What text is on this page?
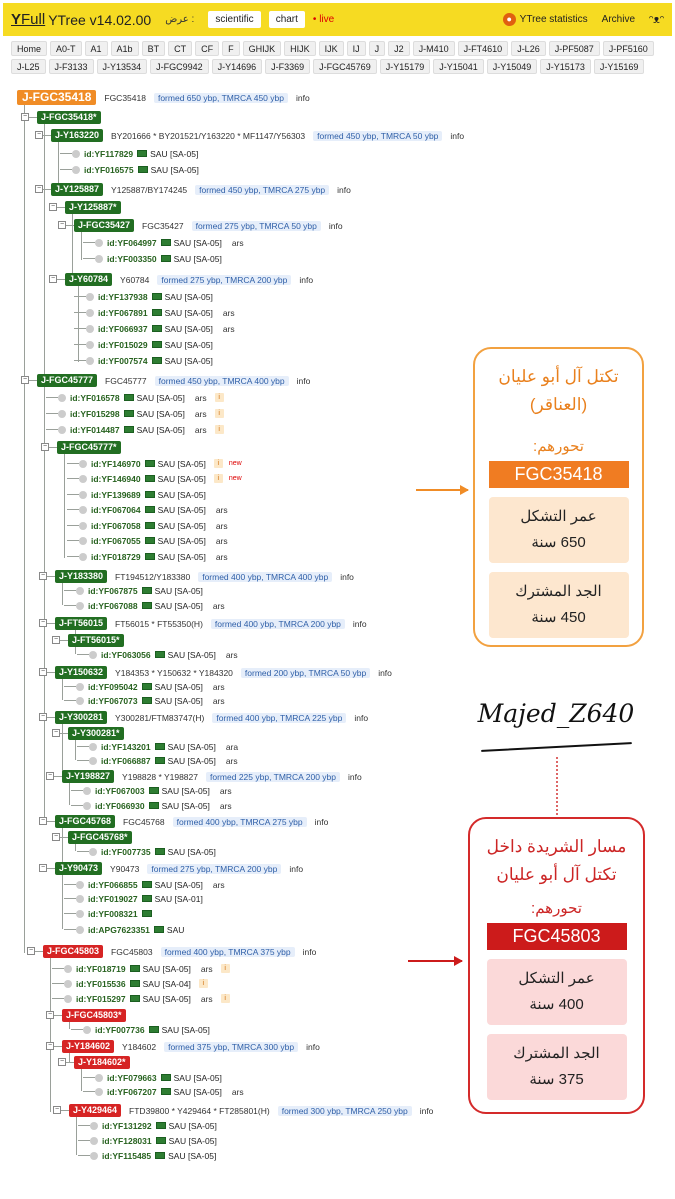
YFull YTree v14.02.00 عرض :	scientific	chart	• live	● YTree statistics Archive ᵔᴥᵔ
Home	A0-T	A1	A1b	BT	CT	CF	F	GHIJK	HIJK	IJK	IJ	J	J2	J-M410	J-FT4610	J-L26	J-PF5087	J-PF5160
J-L25	J-F3133	J-Y13534	J-FGC9942	J-Y14696	J-F3369	J-FGC45769	J-Y15179	J-Y15041	J-Y15049	J-Y15173	J-Y15169
J-FGC35418	FGC35418	formed 650 ybp, TMRCA 450 ybp	info
−	J-FGC35418*
−	J-Y163220	BY201666 * BY201521/Y163220 * MF1147/Y56303	formed 450 ybp, TMRCA 50 ybp	info
id:YF117829 SAU [SA-05]
id:YF016575 SAU [SA-05]
−	J-Y125887	Y125887/BY174245	formed 450 ybp, TMRCA 275 ybp	info
−	J-Y125887*
−	J-FGC35427	FGC35427	formed 275 ybp, TMRCA 50 ybp	info
id:YF064997 SAU [SA-05] ars
id:YF003350 SAU [SA-05]
−	J-Y60784	Y60784	formed 275 ybp, TMRCA 200 ybp	info
id:YF137938 SAU [SA-05]
id:YF067891 SAU [SA-05] ars
id:YF066937 SAU [SA-05] ars
id:YF015029 SAU [SA-05]
id:YF007574 SAU [SA-05]
−	J-FGC45777	FGC45777	formed 450 ybp, TMRCA 400 ybp	info
id:YF016578 SAU [SA-05] ars	i
id:YF015298 SAU [SA-05] ars	i
id:YF014487 SAU [SA-05] ars	i
−	J-FGC45777*
id:YF146970 SAU [SA-05]	i	new
id:YF146940 SAU [SA-05]	i	new
id:YF139689 SAU [SA-05]
id:YF067064 SAU [SA-05] ars
id:YF067058 SAU [SA-05] ars
id:YF067055 SAU [SA-05] ars
id:YF018729 SAU [SA-05] ars
−	J-Y183380	FT194512/Y183380	formed 400 ybp, TMRCA 400 ybp	info
id:YF067875 SAU [SA-05]
id:YF067088 SAU [SA-05] ars
−	J-FT56015	FT56015 * FT55350(H)	formed 400 ybp, TMRCA 200 ybp	info
−	J-FT56015*
id:YF063056 SAU [SA-05] ars
−	J-Y150632	Y184353 * Y150632 * Y184320	formed 200 ybp, TMRCA 50 ybp	info
id:YF095042 SAU [SA-05] ars
id:YF067073 SAU [SA-05] ars
−	J-Y300281	Y300281/FTM83747(H)	formed 400 ybp, TMRCA 225 ybp	info
−	J-Y300281*
id:YF143201 SAU [SA-05] ara
id:YF066887 SAU [SA-05] ars
−	J-Y198827	Y198828 * Y198827	formed 225 ybp, TMRCA 200 ybp	info
id:YF067003 SAU [SA-05] ars
id:YF066930 SAU [SA-05] ars
−	J-FGC45768	FGC45768	formed 400 ybp, TMRCA 275 ybp	info
−	J-FGC45768*
id:YF007735 SAU [SA-05]
−	J-Y90473	Y90473	formed 275 ybp, TMRCA 200 ybp	info
id:YF066855 SAU [SA-05] ars
id:YF019027 SAU [SA-01]
id:YF008321
id:APG7623351 SAU
−	J-FGC45803	FGC45803	formed 400 ybp, TMRCA 375 ybp	info
id:YF018719 SAU [SA-05] ars	i
id:YF015536 SAU [SA-04]	i
id:YF015297 SAU [SA-05] ars	i
−	J-FGC45803*
id:YF007736 SAU [SA-05]
−	J-Y184602	Y184602	formed 375 ybp, TMRCA 300 ybp	info
−	J-Y184602*
id:YF079663 SAU [SA-05]
id:YF067207 SAU [SA-05] ars
−	J-Y429464	FTD39800 * Y429464 * FT285801(H)	formed 300 ybp, TMRCA 250 ybp	info
id:YF131292 SAU [SA-05]
id:YF128031 SAU [SA-05]
id:YF115485 SAU [SA-05]
تكتل آل أبو عليان (العناقر)
تحورهم:
FGC35418
عمر التشكل
650 سنة
الجد المشترك
450 سنة
مسار الشريدة داخل تكتل آل أبو عليان
تحورهم:
FGC45803
عمر التشكل
400 سنة
الجد المشترك
375 سنة
Majed_Z640
